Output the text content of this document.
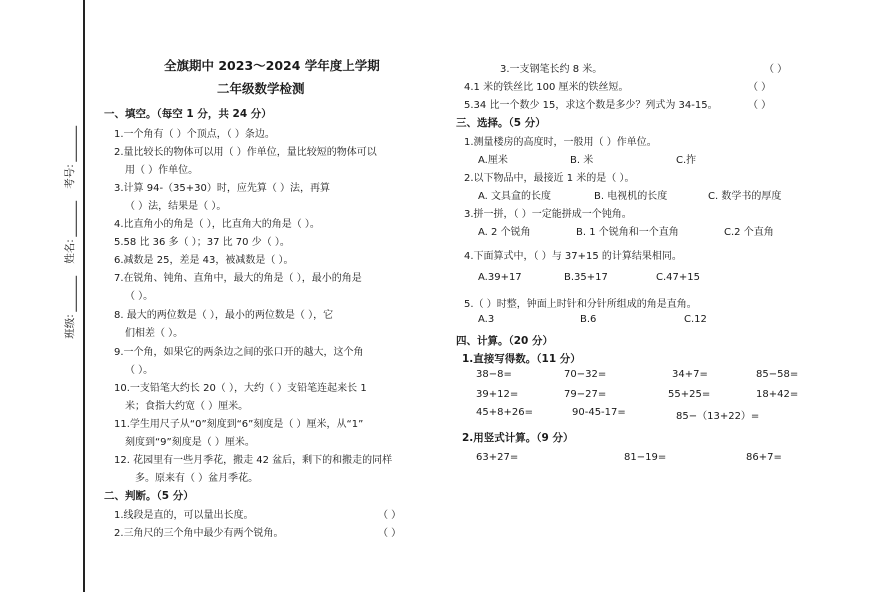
考号:
姓名:
班级:
全旗期中 2023～2024 学年度上学期
二年级数学检测
一、填空。（每空 1 分，共 24 分）
1.一个角有（ ）个顶点，（ ）条边。
2.量比较长的物体可以用（ ）作单位，量比较短的物体可以
用（ ）作单位。
3.计算 94-（35+30）时，应先算（ ）法，再算
（ ）法，结果是（ ）。
4.比直角小的角是（ ），比直角大的角是（ ）。
5.58 比 36 多（ ）；37 比 70 少（ ）。
6.减数是 25，差是 43，被减数是（ ）。
7.在锐角、钝角、直角中，最大的角是（ ），最小的角是
（ ）。
8. 最大的两位数是（ ），最小的两位数是（ ），它
们相差（ ）。
9.一个角，如果它的两条边之间的张口开的越大，这个角
（ ）。
10.一支铅笔大约长 20（ ），大约（ ）支铅笔连起来长 1
米；食指大约宽（ ）厘米。
11.学生用尺子从“0”刻度到“6”刻度是（ ）厘米，从“1”
刻度到“9”刻度是（ ）厘米。
12. 花园里有一些月季花，搬走 42 盆后，剩下的和搬走的同样
多。原来有（ ）盆月季花。
二、判断。（5 分）
1.线段是直的，可以量出长度。	（ ）
2.三角尺的三个角中最少有两个锐角。	（ ）
3.一支钢笔长约 8 米。	（ ）
4.1 米的铁丝比 100 厘米的铁丝短。	（ ）
5.34 比一个数少 15，求这个数是多少？列式为 34-15。	（ ）
三、选择。（5 分）
1.测量楼房的高度时，一般用（ ）作单位。
A.厘米	B. 米	C.拃
2.以下物品中，最接近 1 米的是（ ）。
A. 文具盒的长度	B. 电视机的长度	C. 数学书的厚度
3.拼一拼，（ ）一定能拼成一个钝角。
A. 2 个锐角	B. 1 个锐角和一个直角	C.2 个直角
4.下面算式中，（ ）与 37+15 的计算结果相同。
A.39+17	B.35+17	C.47+15
5.（ ）时整，钟面上时针和分针所组成的角是直角。
A.3	B.6	C.12
四、计算。（20 分）
1.直接写得数。（11 分）
38−8=	70−32=	34+7=	85−58=
39+12=	79−27=	55+25=	18+42=
45+8+26=	90-45-17=	85−（13+22）=
2.用竖式计算。（9 分）
63+27=	81−19=	86+7=
